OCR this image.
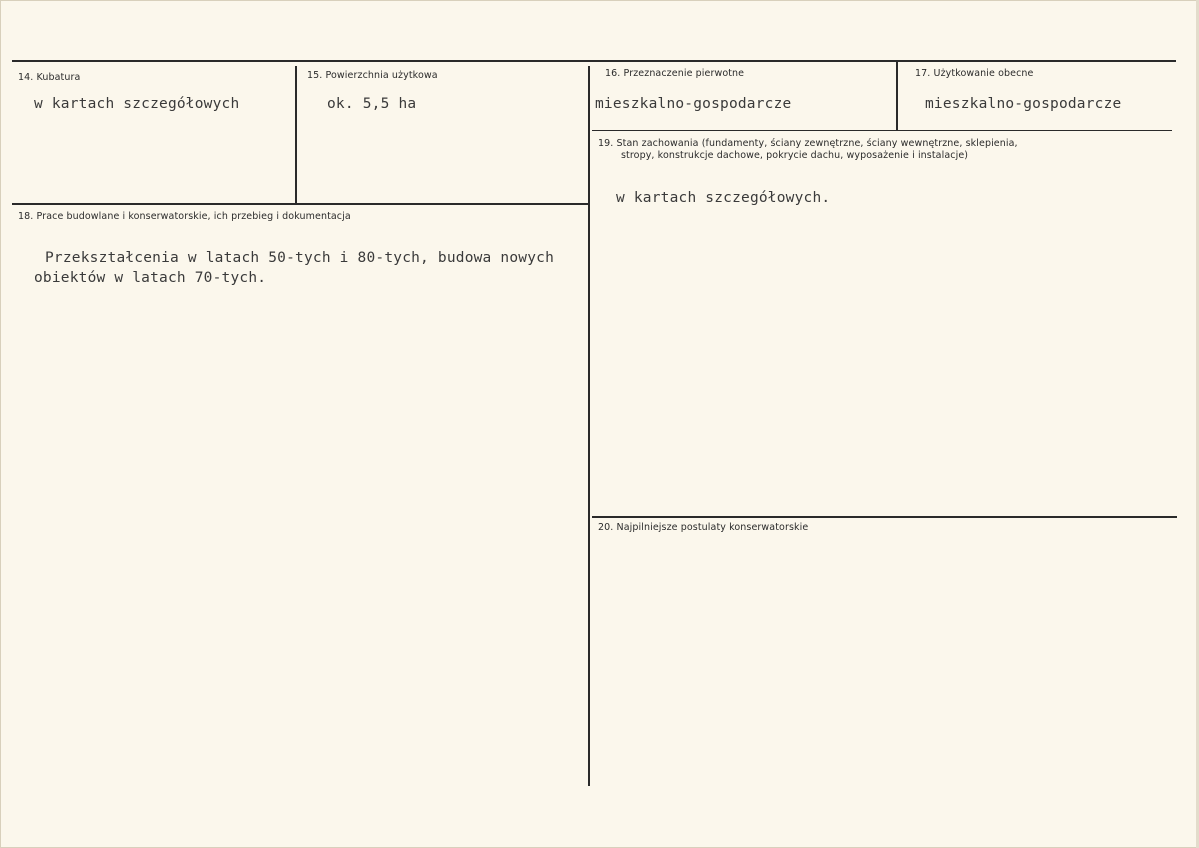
14. Kubatura
w kartach szczegółowych
15. Powierzchnia użytkowa
ok. 5,5 ha
16. Przeznaczenie pierwotne
mieszkalno-gospodarcze
17. Użytkowanie obecne
mieszkalno-gospodarcze
18. Prace budowlane i konserwatorskie, ich przebieg i dokumentacja
Przekształcenia w latach 50-tych i 80-tych, budowa nowych
obiektów w latach 70-tych.
19. Stan zachowania (fundamenty, ściany zewnętrzne, ściany wewnętrzne, sklepienia,
stropy, konstrukcje dachowe, pokrycie dachu, wyposażenie i instalacje)
w kartach szczegółowych.
20. Najpilniejsze postulaty konserwatorskie
